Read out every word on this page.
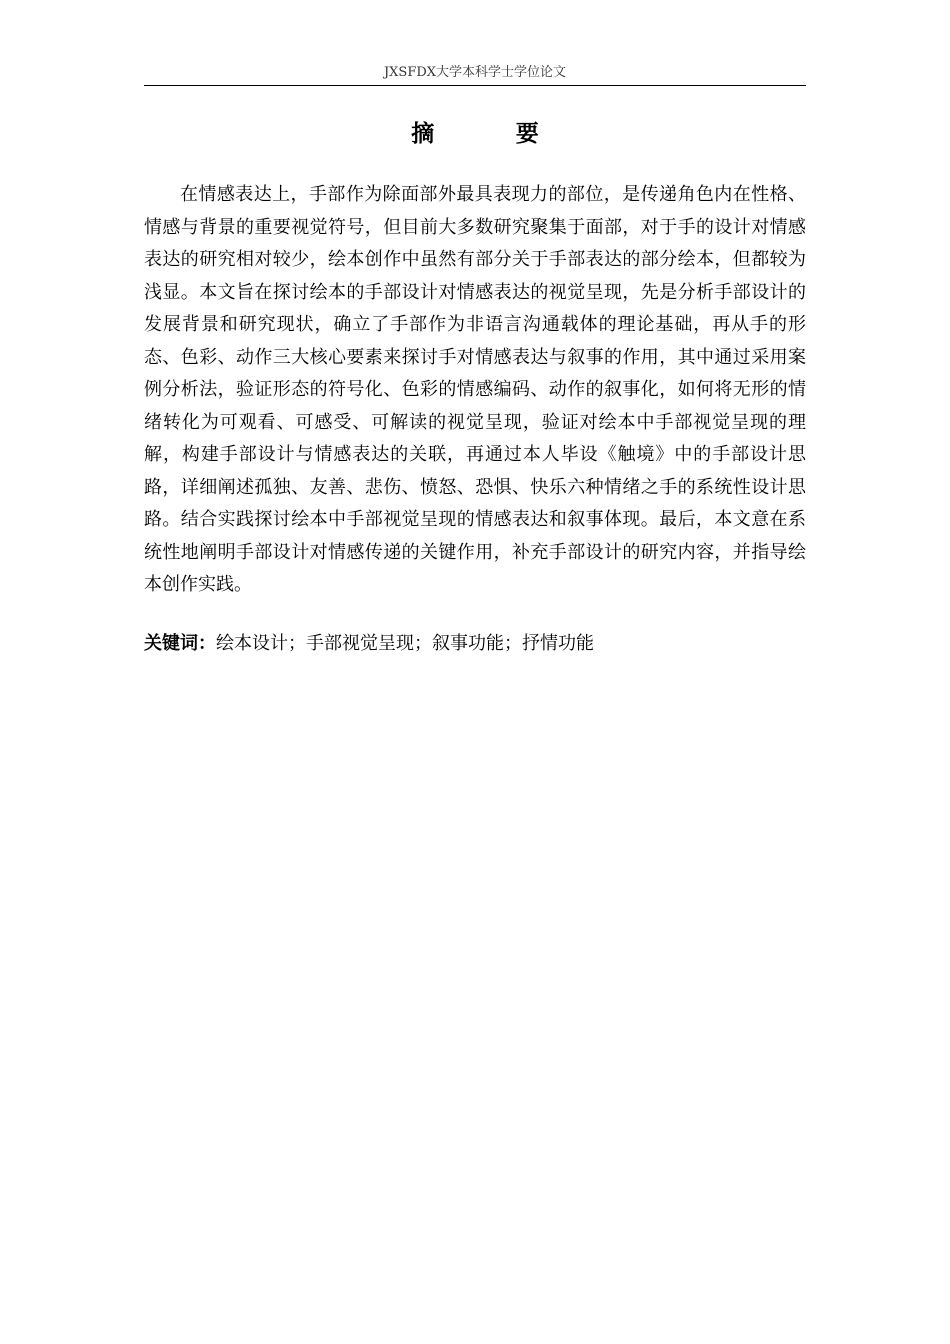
JXSFDX大学本科学士学位论文
摘 要

在情感表达上，手部作为除面部外最具表现力的部位，是传递角色内在性格、情感与背景的重要视觉符号，但目前大多数研究聚集于面部，对于手的设计对情感表达的研究相对较少，绘本创作中虽然有部分关于手部表达的部分绘本，但都较为浅显。本文旨在探讨绘本的手部设计对情感表达的视觉呈现，先是分析手部设计的发展背景和研究现状，确立了手部作为非语言沟通载体的理论基础，再从手的形态、色彩、动作三大核心要素来探讨手对情感表达与叙事的作用，其中通过采用案例分析法，验证形态的符号化、色彩的情感编码、动作的叙事化，如何将无形的情绪转化为可观看、可感受、可解读的视觉呈现，验证对绘本中手部视觉呈现的理解，构建手部设计与情感表达的关联，再通过本人毕设《触境》中的手部设计思路，详细阐述孤独、友善、悲伤、愤怒、恐惧、快乐六种情绪之手的系统性设计思路。结合实践探讨绘本中手部视觉呈现的情感表达和叙事体现。最后，本文意在系统性地阐明手部设计对情感传递的关键作用，补充手部设计的研究内容，并指导绘本创作实践。

关键词：绘本设计；手部视觉呈现；叙事功能；抒情功能
